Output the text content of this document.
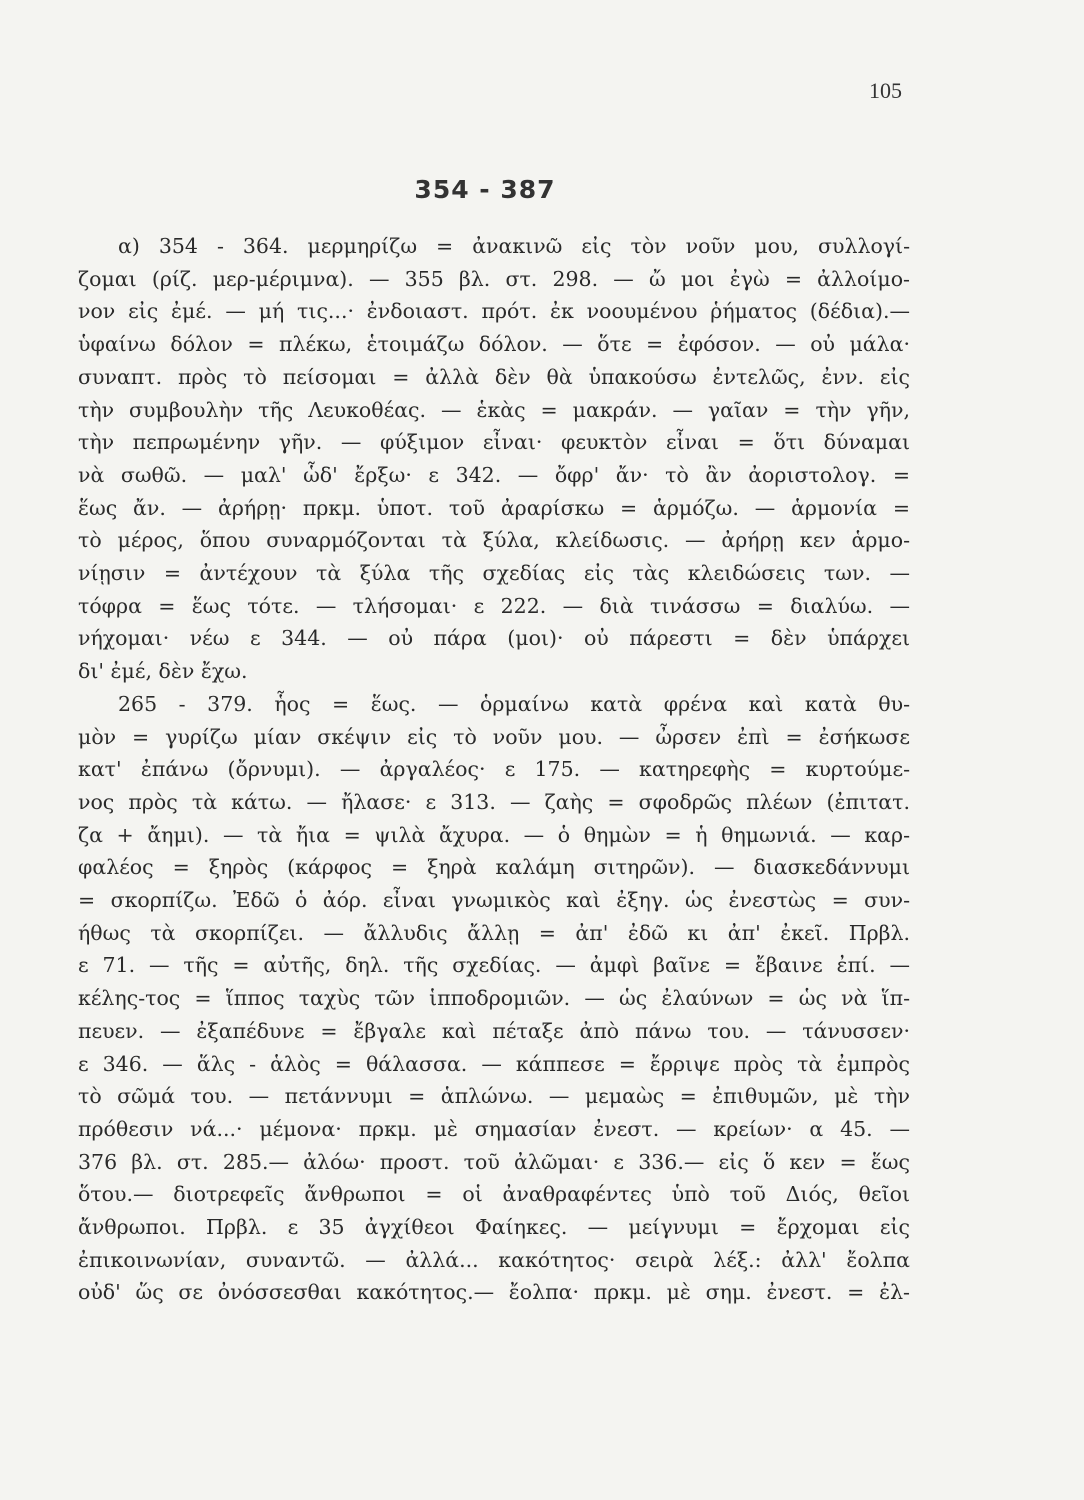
105
354 - 387
α) 354 - 364. μερμηρίζω = ἀνακινῶ εἰς τὸν νοῦν μου, συλλογί-
ζομαι (ρίζ. μερ-μέριμνα). — 355 βλ. στ. 298. — ὤ μοι ἐγὼ = ἀλλοίμο-
νον εἰς ἐμέ. — μή τις...· ἐνδοιαστ. πρότ. ἐκ νοουμένου ῥήματος (δέδια).—
ὑφαίνω δόλον = πλέκω, ἑτοιμάζω δόλον. — ὅτε = ἐφόσον. — οὐ μάλα·
συναπτ. πρὸς τὸ πείσομαι = ἀλλὰ δὲν θὰ ὑπακούσω ἐντελῶς, ἐνν. εἰς
τὴν συμβουλὴν τῆς Λευκοθέας. — ἑκὰς = μακράν. — γαῖαν = τὴν γῆν,
τὴν πεπρωμένην γῆν. — φύξιμον εἶναι· φευκτὸν εἶναι = ὅτι δύναμαι
νὰ σωθῶ. — μαλ' ὧδ' ἔρξω· ε 342. — ὄφρ' ἄν· τὸ ἂν ἀοριστολογ. =
ἕως ἄν. — ἀρήρῃ· πρκμ. ὑποτ. τοῦ ἀραρίσκω = ἁρμόζω. — ἁρμονία =
τὸ μέρος, ὅπου συναρμόζονται τὰ ξύλα, κλείδωσις. — ἀρήρῃ κεν ἁρμο-
νίῃσιν = ἀντέχουν τὰ ξύλα τῆς σχεδίας εἰς τὰς κλειδώσεις των. —
τόφρα = ἕως τότε. — τλήσομαι· ε 222. — διὰ τινάσσω = διαλύω. —
νήχομαι· νέω ε 344. — οὐ πάρα (μοι)· οὐ πάρεστι = δὲν ὑπάρχει
δι' ἐμέ, δὲν ἔχω.
265 - 379. ἧος = ἕως. — ὁρμαίνω κατὰ φρένα καὶ κατὰ θυ-
μὸν = γυρίζω μίαν σκέψιν εἰς τὸ νοῦν μου. — ὦρσεν ἐπὶ = ἐσήκωσε
κατ' ἐπάνω (ὄρνυμι). — ἀργαλέος· ε 175. — κατηρεφὴς = κυρτούμε-
νος πρὸς τὰ κάτω. — ἤλασε· ε 313. — ζαὴς = σφοδρῶς πλέων (ἐπιτατ.
ζα + ἄημι). — τὰ ἤια = ψιλὰ ἄχυρα. — ὁ θημὼν = ἡ θημωνιά. — καρ-
φαλέος = ξηρὸς (κάρφος = ξηρὰ καλάμη σιτηρῶν). — διασκεδάννυμι
= σκορπίζω. Ἐδῶ ὁ ἀόρ. εἶναι γνωμικὸς καὶ ἐξηγ. ὡς ἐνεστὼς = συν-
ήθως τὰ σκορπίζει. — ἄλλυδις ἄλλῃ = ἀπ' ἐδῶ κι ἀπ' ἐκεῖ. Πρβλ.
ε 71. — τῆς = αὐτῆς, δηλ. τῆς σχεδίας. — ἀμφὶ βαῖνε = ἔβαινε ἐπί. —
κέλης-τος = ἵππος ταχὺς τῶν ἱπποδρομιῶν. — ὡς ἐλαύνων = ὡς νὰ ἵπ-
πευεν. — ἐξαπέδυνε = ἔβγαλε καὶ πέταξε ἀπὸ πάνω του. — τάνυσσεν·
ε 346. — ἅλς - ἁλὸς = θάλασσα. — κάππεσε = ἔρριψε πρὸς τὰ ἐμπρὸς
τὸ σῶμά του. — πετάννυμι = ἁπλώνω. — μεμαὼς = ἐπιθυμῶν, μὲ τὴν
πρόθεσιν νά...· μέμονα· πρκμ. μὲ σημασίαν ἐνεστ. — κρείων· α 45. —
376 βλ. στ. 285.— ἀλόω· προστ. τοῦ ἀλῶμαι· ε 336.— εἰς ὅ κεν = ἕως
ὅτου.— διοτρεφεῖς ἄνθρωποι = οἱ ἀναθραφέντες ὑπὸ τοῦ Διός, θεῖοι
ἄνθρωποι. Πρβλ. ε 35 ἀγχίθεοι Φαίηκες. — μείγνυμι = ἔρχομαι εἰς
ἐπικοινωνίαν, συναντῶ. — ἀλλά... κακότητος· σειρὰ λέξ.: ἀλλ' ἔολπα
οὐδ' ὥς σε ὀνόσσεσθαι κακότητος.— ἔολπα· πρκμ. μὲ σημ. ἐνεστ. = ἐλ-
